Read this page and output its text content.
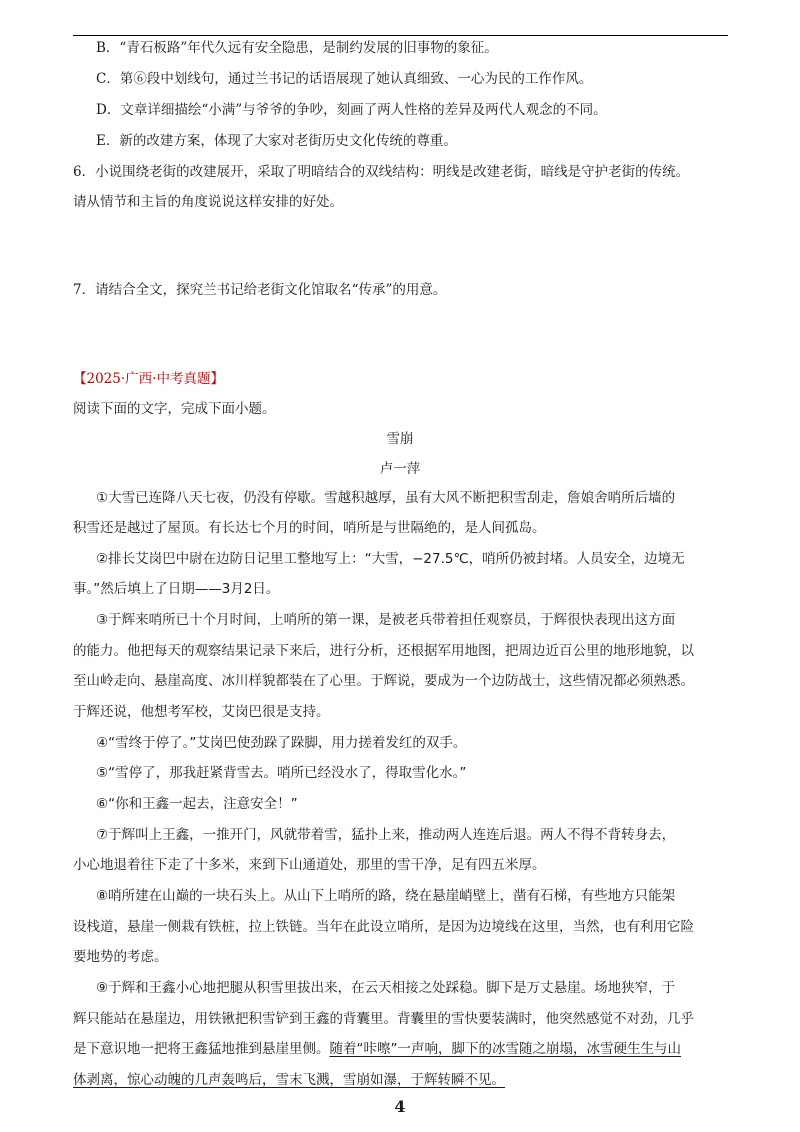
B．“青石板路”年代久远有安全隐患，是制约发展的旧事物的象征。
C．第⑥段中划线句，通过兰书记的话语展现了她认真细致、一心为民的工作作风。
D．文章详细描绘“小满”与爷爷的争吵，刻画了两人性格的差异及两代人观念的不同。
E．新的改建方案，体现了大家对老街历史文化传统的尊重。
6．小说围绕老街的改建展开，采取了明暗结合的双线结构：明线是改建老街，暗线是守护老街的传统。
请从情节和主旨的角度说说这样安排的好处。
7．请结合全文，探究兰书记给老街文化馆取名“传承”的用意。
【2025·广西·中考真题】
阅读下面的文字，完成下面小题。
雪崩
卢一萍
①大雪已连降八天七夜，仍没有停歇。雪越积越厚，虽有大风不断把积雪刮走，詹娘舍哨所后墙的
积雪还是越过了屋顶。有长达七个月的时间，哨所是与世隔绝的，是人间孤岛。
②排长艾岗巴中尉在边防日记里工整地写上：“大雪，−27.5℃，哨所仍被封堵。人员安全，边境无
事。”然后填上了日期——3月2日。
③于辉来哨所已十个月时间，上哨所的第一课，是被老兵带着担任观察员，于辉很快表现出这方面
的能力。他把每天的观察结果记录下来后，进行分析，还根据军用地图，把周边近百公里的地形地貌，以
至山岭走向、悬崖高度、冰川样貌都装在了心里。于辉说，要成为一个边防战士，这些情况都必须熟悉。
于辉还说，他想考军校，艾岗巴很是支持。
④“雪终于停了。”艾岗巴使劲跺了跺脚，用力搓着发红的双手。
⑤“雪停了，那我赶紧背雪去。哨所已经没水了，得取雪化水。”
⑥“你和王鑫一起去，注意安全！”
⑦于辉叫上王鑫，一推开门，风就带着雪，猛扑上来，推动两人连连后退。两人不得不背转身去，
小心地退着往下走了十多米，来到下山通道处，那里的雪干净，足有四五米厚。
⑧哨所建在山巅的一块石头上。从山下上哨所的路，绕在悬崖峭壁上，凿有石梯，有些地方只能架
设栈道，悬崖一侧栽有铁桩，拉上铁链。当年在此设立哨所，是因为边境线在这里，当然，也有利用它险
要地势的考虑。
⑨于辉和王鑫小心地把腿从积雪里拔出来，在云天相接之处踩稳。脚下是万丈悬崖。场地狭窄，于
辉只能站在悬崖边，用铁锹把积雪铲到王鑫的背囊里。背囊里的雪快要装满时，他突然感觉不对劲，几乎
是下意识地一把将王鑫猛地推到悬崖里侧。随着“咔嚓”一声响，脚下的冰雪随之崩塌，冰雪硬生生与山
体剥离，惊心动魄的几声轰鸣后，雪末飞溅，雪崩如瀑，于辉转瞬不见。
4
